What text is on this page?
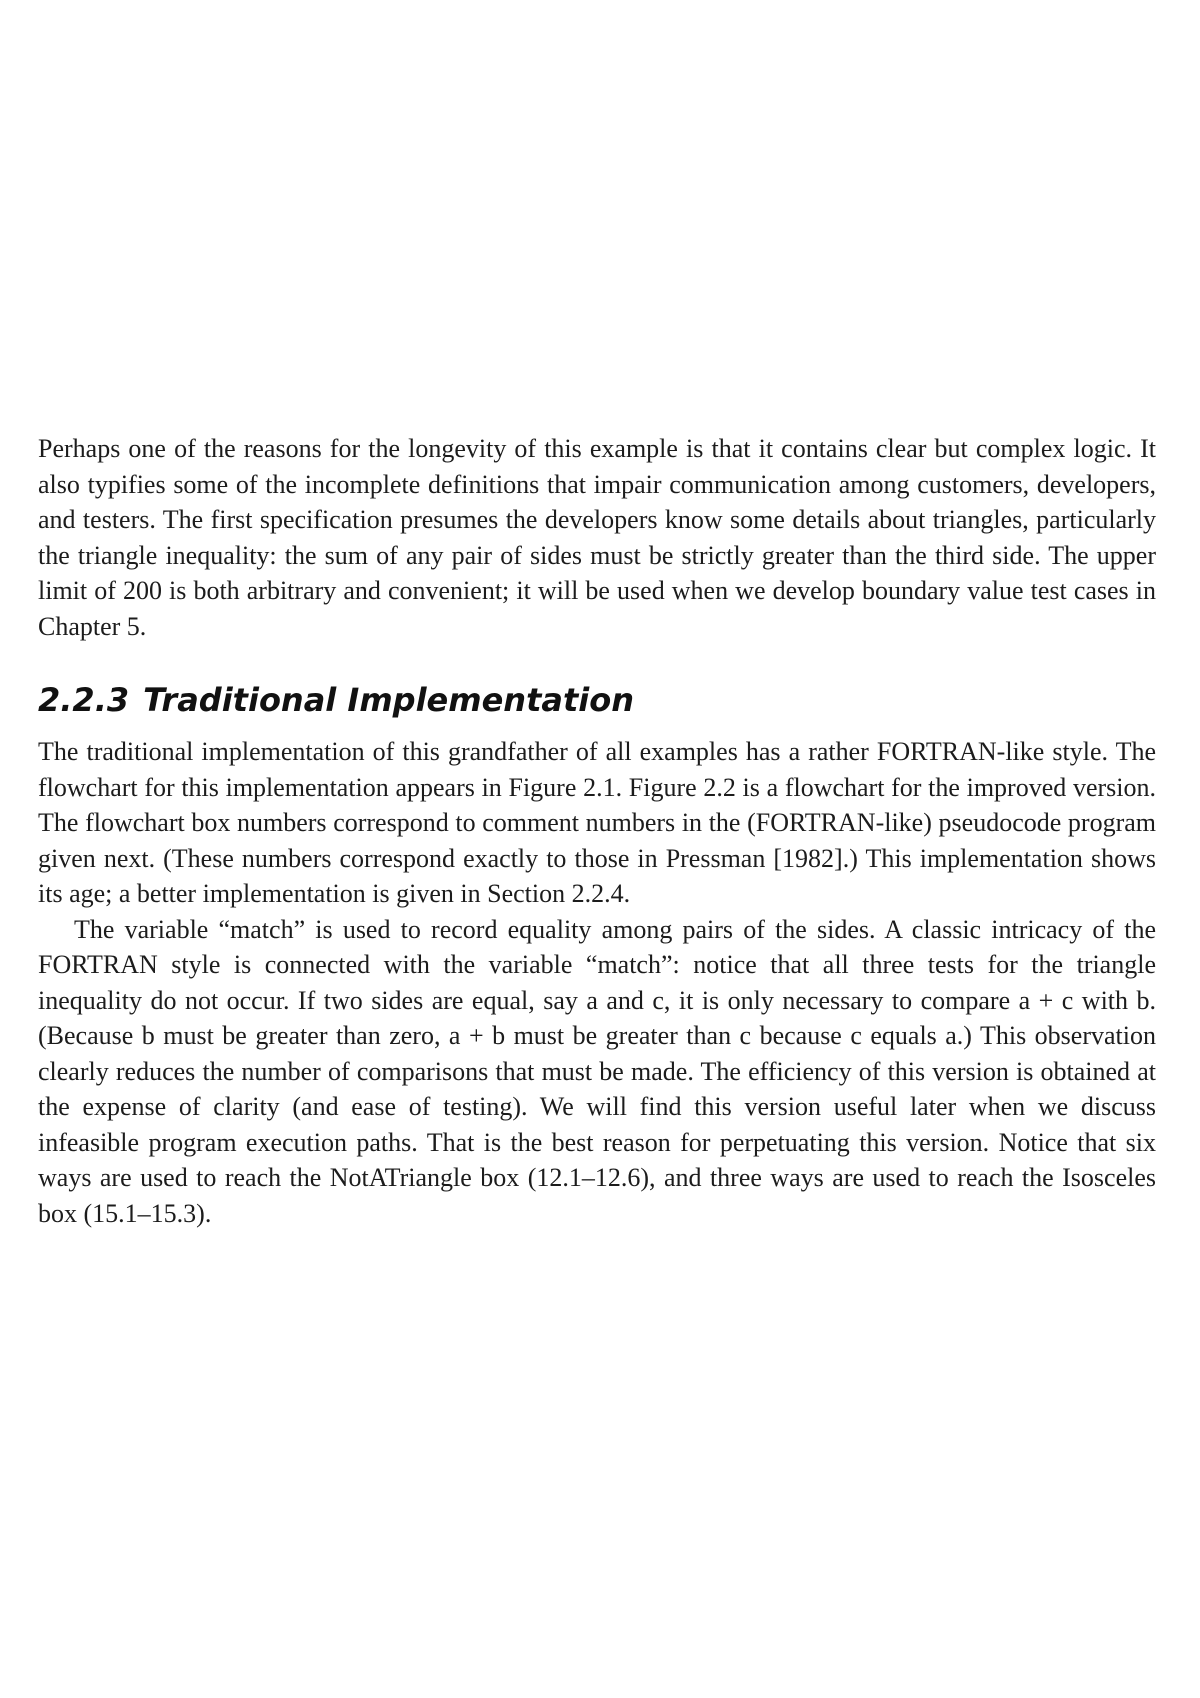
Perhaps one of the reasons for the longevity of this example is that it contains clear but complex logic. It also typifies some of the incomplete definitions that impair communication among customers, developers, and testers. The first specification presumes the developers know some details about triangles, particularly the triangle inequality: the sum of any pair of sides must be strictly greater than the third side. The upper limit of 200 is both arbitrary and convenient; it will be used when we develop boundary value test cases in Chapter 5.

2.2.3 Traditional Implementation

The traditional implementation of this grandfather of all examples has a rather FORTRAN-like style. The flowchart for this implementation appears in Figure 2.1. Figure 2.2 is a flowchart for the improved version. The flowchart box numbers correspond to comment numbers in the (FORTRAN-like) pseudocode program given next. (These numbers correspond exactly to those in Pressman [1982].) This implementation shows its age; a better implementation is given in Section 2.2.4.

The variable “match” is used to record equality among pairs of the sides. A classic intricacy of the FORTRAN style is connected with the variable “match”: notice that all three tests for the triangle inequality do not occur. If two sides are equal, say a and c, it is only necessary to compare a + c with b. (Because b must be greater than zero, a + b must be greater than c because c equals a.) This observation clearly reduces the number of comparisons that must be made. The efficiency of this version is obtained at the expense of clarity (and ease of testing). We will find this version useful later when we discuss infeasible program execution paths. That is the best reason for perpetuating this version. Notice that six ways are used to reach the NotATriangle box (12.1–12.6), and three ways are used to reach the Isosceles box (15.1–15.3).
